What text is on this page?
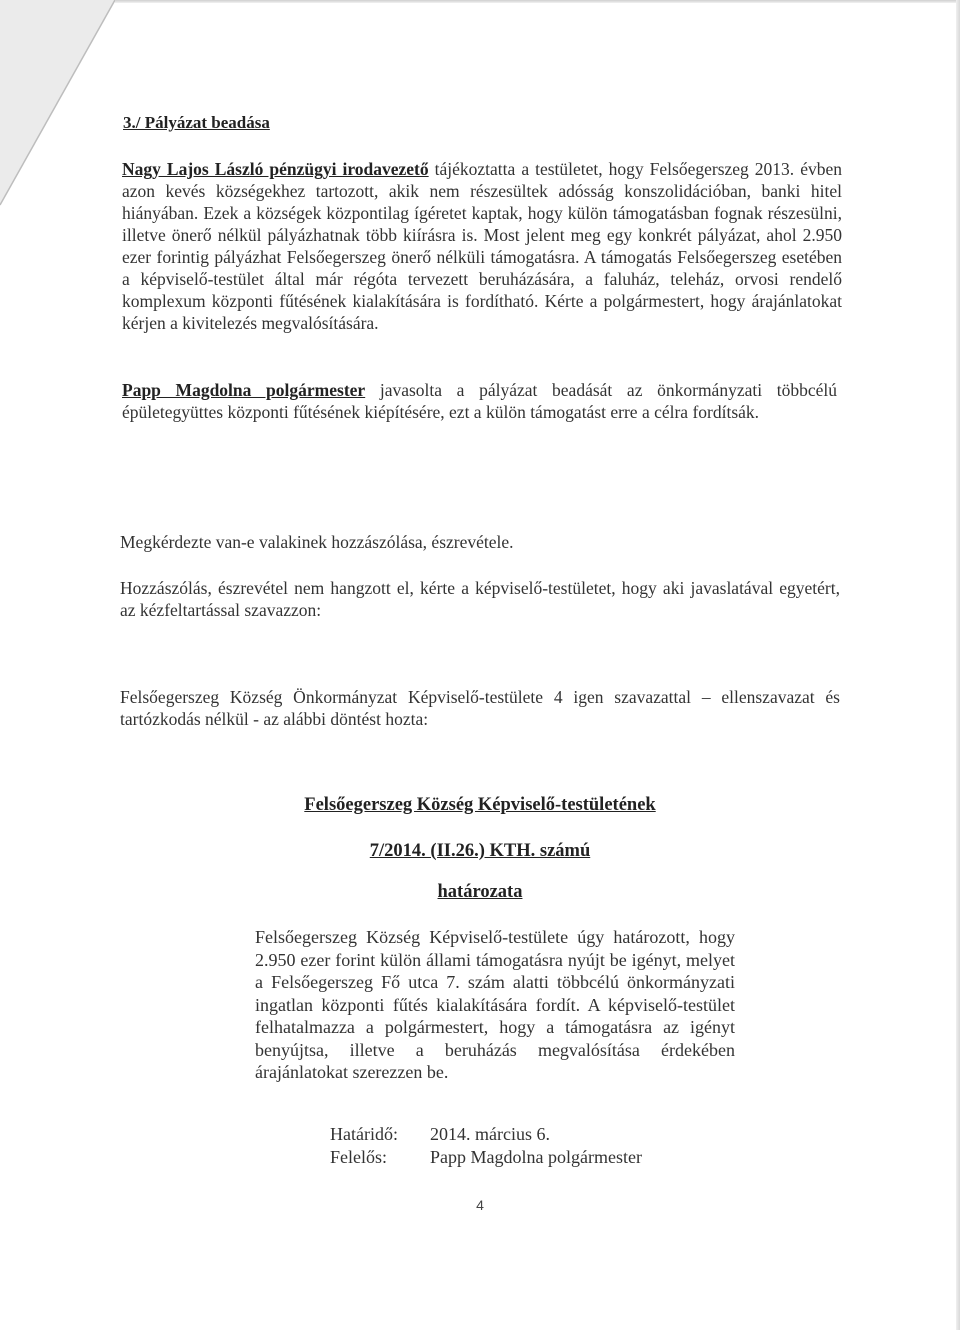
3./ Pályázat beadása

Nagy Lajos László pénzügyi irodavezető tájékoztatta a testületet, hogy Felsőegerszeg 2013. évben azon kevés községekhez tartozott, akik nem részesültek adósság konszolidációban, banki hitel hiányában. Ezek a községek központilag ígéretet kaptak, hogy külön támogatásban fognak részesülni, illetve önerő nélkül pályázhatnak több kiírásra is. Most jelent meg egy konkrét pályázat, ahol 2.950 ezer forintig pályázhat Felsőegerszeg önerő nélküli támogatásra. A támogatás Felsőegerszeg esetében a képviselő-testület által már régóta tervezett beruházására, a faluház, teleház, orvosi rendelő komplexum központi fűtésének kialakítására is fordítható. Kérte a polgármestert, hogy árajánlatokat kérjen a kivitelezés megvalósítására.

Papp Magdolna polgármester javasolta a pályázat beadását az önkormányzati többcélú épületegyüttes központi fűtésének kiépítésére, ezt a külön támogatást erre a célra fordítsák.

Megkérdezte van-e valakinek hozzászólása, észrevétele.

Hozzászólás, észrevétel nem hangzott el, kérte a képviselő-testületet, hogy aki javaslatával egyetért, az kézfeltartással szavazzon:

Felsőegerszeg Község Önkormányzat Képviselő-testülete 4 igen szavazattal – ellenszavazat és tartózkodás nélkül - az alábbi döntést hozta:

Felsőegerszeg Község Képviselő-testületének
7/2014. (II.26.) KTH. számú
határozata

Felsőegerszeg Község Képviselő-testülete úgy határozott, hogy 2.950 ezer forint külön állami támogatásra nyújt be igényt, melyet a Felsőegerszeg Fő utca 7. szám alatti többcélú önkormányzati ingatlan központi fűtés kialakítására fordít. A képviselő-testület felhatalmazza a polgármestert, hogy a támogatásra az igényt benyújtsa, illetve a beruházás megvalósítása érdekében árajánlatokat szerezzen be.

Határidő: 2014. március 6.
Felelős: Papp Magdolna polgármester
4
